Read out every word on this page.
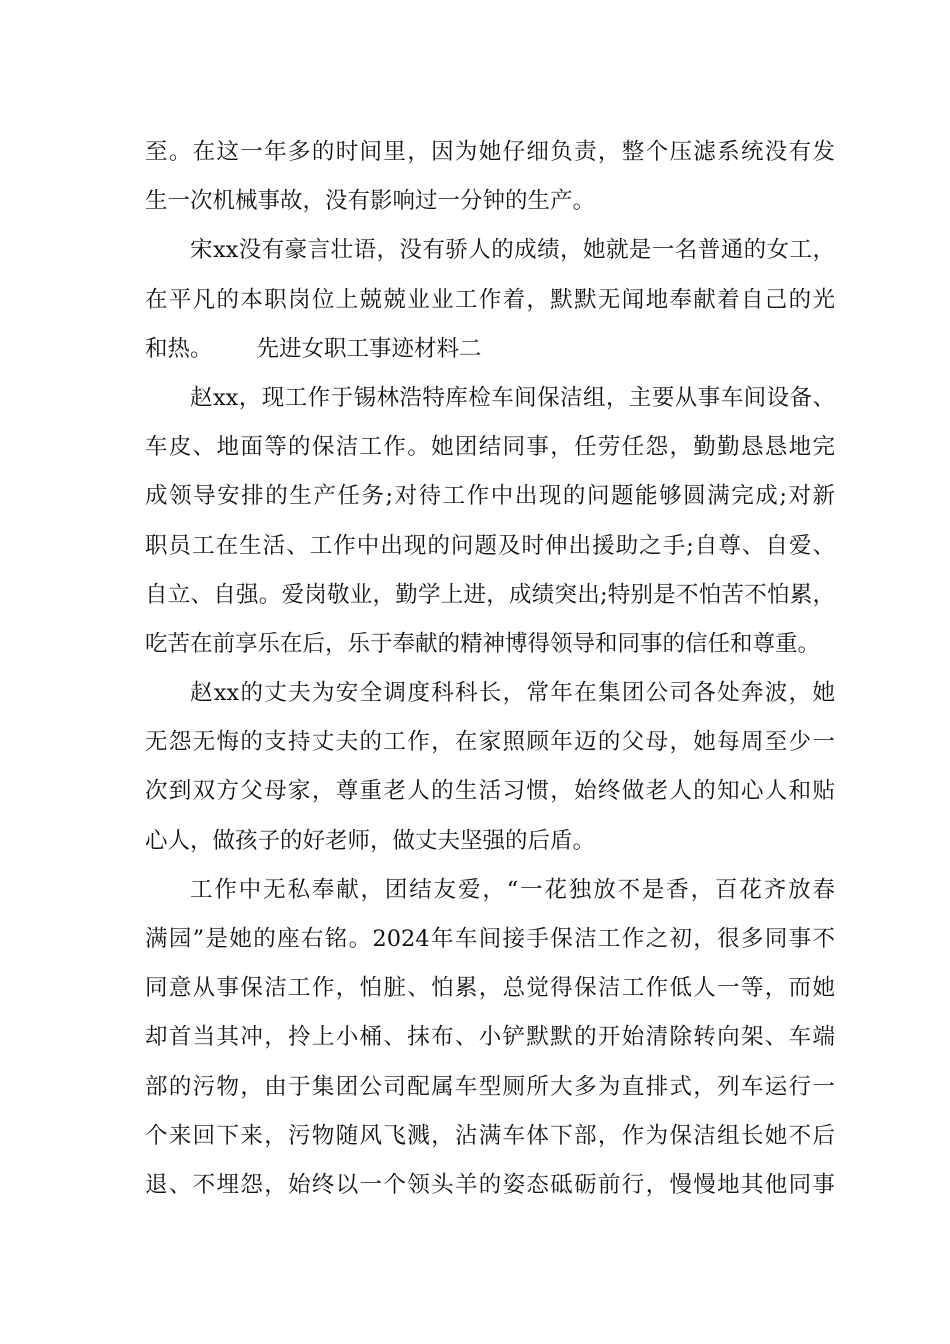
至。在这一年多的时间里，因为她仔细负责，整个压滤系统没有发
生一次机械事故，没有影响过一分钟的生产。
宋xx没有豪言壮语，没有骄人的成绩，她就是一名普通的女工，
在平凡的本职岗位上兢兢业业工作着，默默无闻地奉献着自己的光
和热。 先进女职工事迹材料二
赵xx，现工作于锡林浩特库检车间保洁组，主要从事车间设备、
车皮、地面等的保洁工作。她团结同事，任劳任怨，勤勤恳恳地完
成领导安排的生产任务;对待工作中出现的问题能够圆满完成;对新
职员工在生活、工作中出现的问题及时伸出援助之手;自尊、自爱、
自立、自强。爱岗敬业，勤学上进，成绩突出;特别是不怕苦不怕累，
吃苦在前享乐在后，乐于奉献的精神博得领导和同事的信任和尊重。
赵xx的丈夫为安全调度科科长，常年在集团公司各处奔波，她
无怨无悔的支持丈夫的工作，在家照顾年迈的父母，她每周至少一
次到双方父母家，尊重老人的生活习惯，始终做老人的知心人和贴
心人，做孩子的好老师，做丈夫坚强的后盾。
工作中无私奉献，团结友爱，“一花独放不是香，百花齐放春
满园”是她的座右铭。2024年车间接手保洁工作之初，很多同事不
同意从事保洁工作，怕脏、怕累，总觉得保洁工作低人一等，而她
却首当其冲，拎上小桶、抹布、小铲默默的开始清除转向架、车端
部的污物，由于集团公司配属车型厕所大多为直排式，列车运行一
个来回下来，污物随风飞溅，沾满车体下部，作为保洁组长她不后
退、不埋怨，始终以一个领头羊的姿态砥砺前行，慢慢地其他同事
